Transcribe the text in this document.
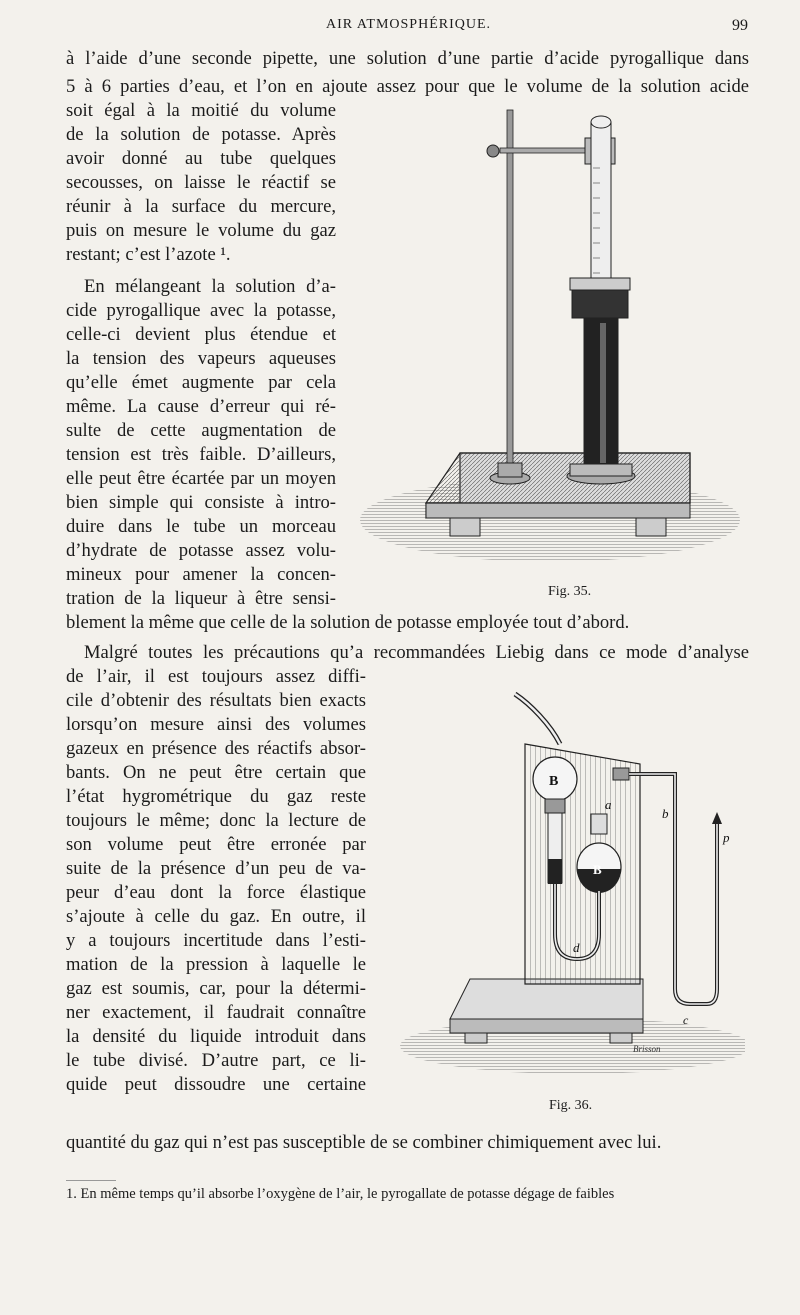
AIR ATMOSPHÉRIQUE.	99
à l’aide d’une seconde pipette, une solution d’une partie d’acide pyrogallique dans
5 à 6 parties d’eau, et l’on en ajoute assez pour que le volume de la solution acide
soit égal à la moitié du volume
de la solution de potasse. Après
avoir donné au tube quelques
secousses, on laisse le réactif se
réunir à la surface du mercure,
puis on mesure le volume du gaz
restant; c’est l’azote ¹.
En mélangeant la solution d’a-
cide pyrogallique avec la potasse,
celle-ci devient plus étendue et
la tension des vapeurs aqueuses
qu’elle émet augmente par cela
même. La cause d’erreur qui ré-
sulte de cette augmentation de
tension est très faible. D’ailleurs,
elle peut être écartée par un moyen
bien simple qui consiste à intro-
duire dans le tube un morceau
d’hydrate de potasse assez volu-
mineux pour amener la concen-
tration de la liqueur à être sensi-
blement la même que celle de la solution de potasse employée tout d’abord.
Malgré toutes les précautions qu’a recommandées Liebig dans ce mode d’analyse
de l’air, il est toujours assez diffi-
cile d’obtenir des résultats bien exacts
lorsqu’on mesure ainsi des volumes
gazeux en présence des réactifs absor-
bants. On ne peut être certain que
l’état hygrométrique du gaz reste
toujours le même; donc la lecture de
son volume peut être erronée par
suite de la présence d’un peu de va-
peur d’eau dont la force élastique
s’ajoute à celle du gaz. En outre, il
y a toujours incertitude dans l’esti-
mation de la pression à laquelle le
gaz est soumis, car, pour la détermi-
ner exactement, il faudrait connaître
la densité du liquide introduit dans
le tube divisé. D’autre part, ce li-
quide peut dissoudre une certaine
quantité du gaz qui n’est pas susceptible de se combiner chimiquement avec lui.
Fig. 35.
B
B
d
a
b
p
c
Brisson
Fig. 36.
1. En même temps qu’il absorbe l’oxygène de l’air, le pyrogallate de potasse dégage de faibles
